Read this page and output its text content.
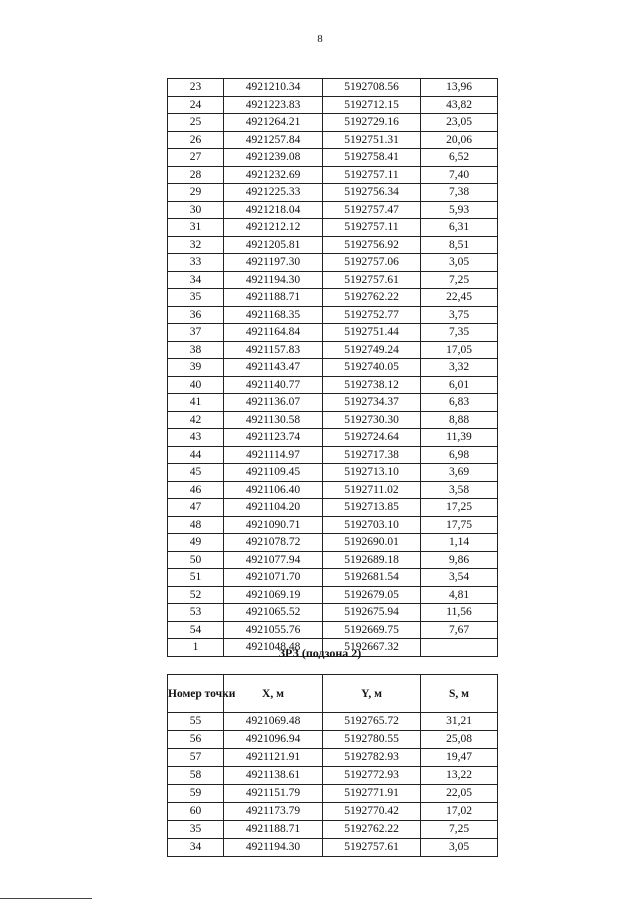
8
23	4921210.34	5192708.56	13,96
24	4921223.83	5192712.15	43,82
25	4921264.21	5192729.16	23,05
26	4921257.84	5192751.31	20,06
27	4921239.08	5192758.41	6,52
28	4921232.69	5192757.11	7,40
29	4921225.33	5192756.34	7,38
30	4921218.04	5192757.47	5,93
31	4921212.12	5192757.11	6,31
32	4921205.81	5192756.92	8,51
33	4921197.30	5192757.06	3,05
34	4921194.30	5192757.61	7,25
35	4921188.71	5192762.22	22,45
36	4921168.35	5192752.77	3,75
37	4921164.84	5192751.44	7,35
38	4921157.83	5192749.24	17,05
39	4921143.47	5192740.05	3,32
40	4921140.77	5192738.12	6,01
41	4921136.07	5192734.37	6,83
42	4921130.58	5192730.30	8,88
43	4921123.74	5192724.64	11,39
44	4921114.97	5192717.38	6,98
45	4921109.45	5192713.10	3,69
46	4921106.40	5192711.02	3,58
47	4921104.20	5192713.85	17,25
48	4921090.71	5192703.10	17,75
49	4921078.72	5192690.01	1,14
50	4921077.94	5192689.18	9,86
51	4921071.70	5192681.54	3,54
52	4921069.19	5192679.05	4,81
53	4921065.52	5192675.94	11,56
54	4921055.76	5192669.75	7,67
1	4921048.48	5192667.32	
ЗРЗ (подзона 2)
Номер точки	X, м	Y, м	S, м
55	4921069.48	5192765.72	31,21
56	4921096.94	5192780.55	25,08
57	4921121.91	5192782.93	19,47
58	4921138.61	5192772.93	13,22
59	4921151.79	5192771.91	22,05
60	4921173.79	5192770.42	17,02
35	4921188.71	5192762.22	7,25
34	4921194.30	5192757.61	3,05
